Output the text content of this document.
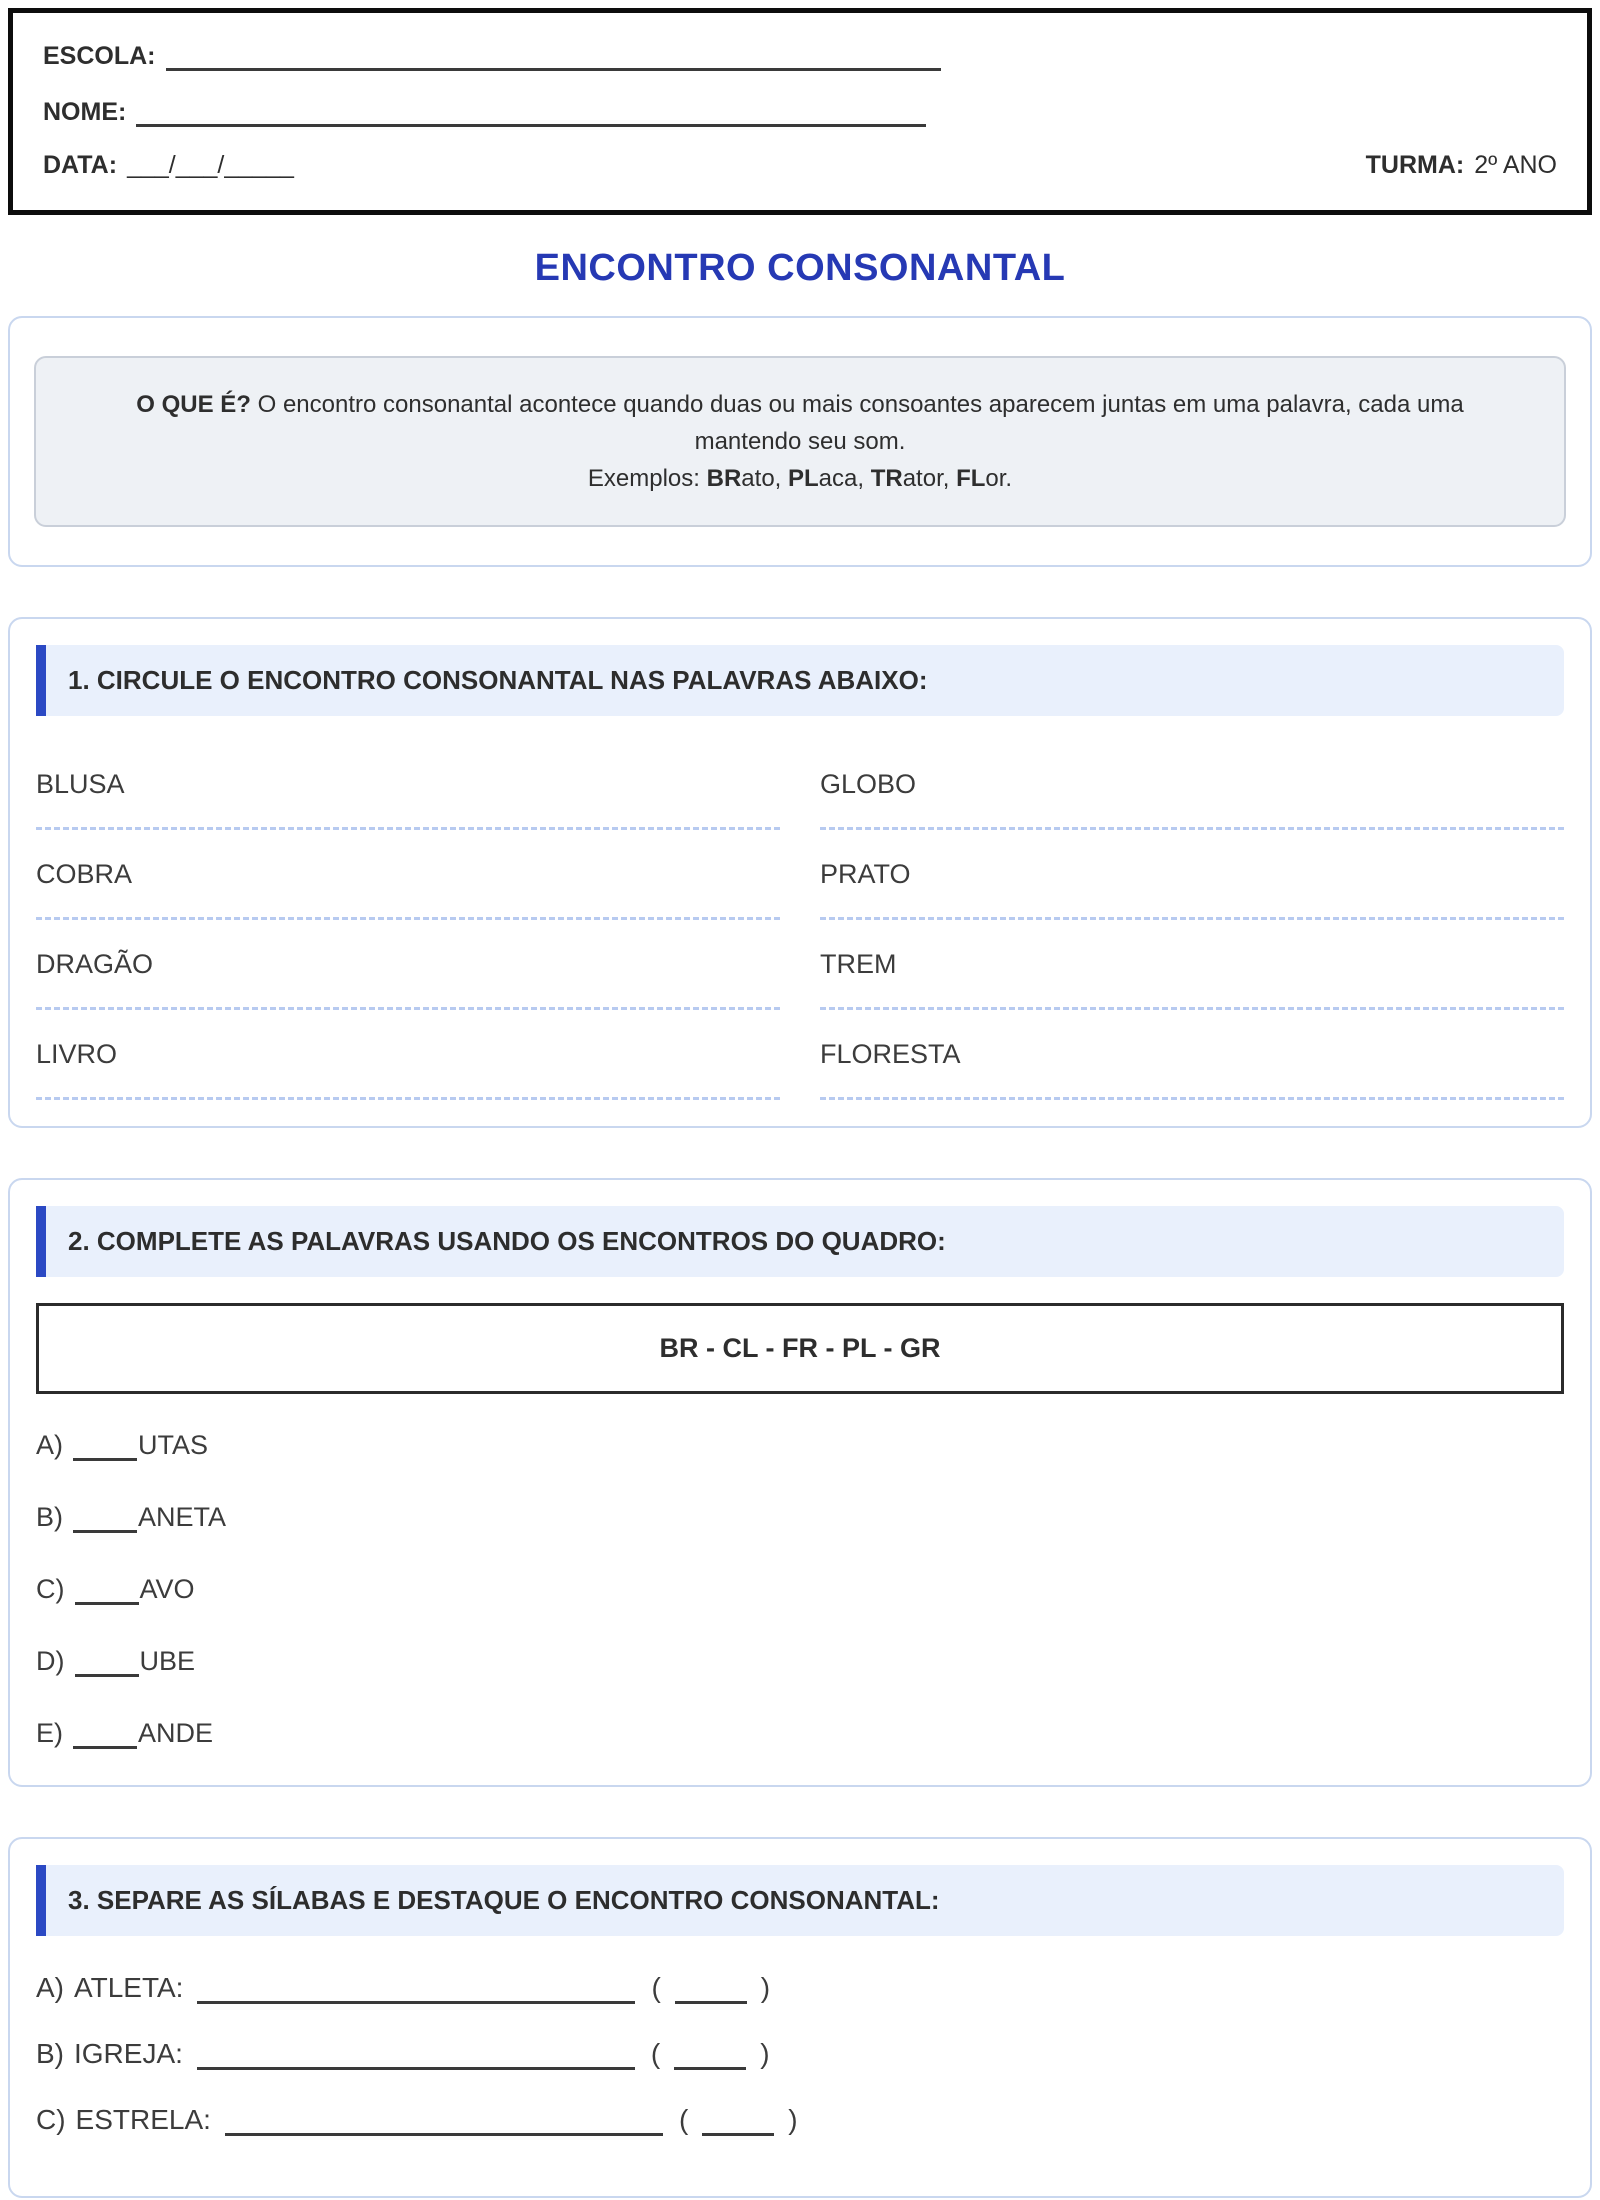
ESCOLA:
NOME:
DATA: ___/___/_____	TURMA: 2º ANO
ENCONTRO CONSONANTAL
O QUE É? O encontro consonantal acontece quando duas ou mais consoantes aparecem juntas em uma palavra, cada uma mantendo seu som.
Exemplos: BRato, PLaca, TRator, FLor.
1. CIRCULE O ENCONTRO CONSONANTAL NAS PALAVRAS ABAIXO:
BLUSA	GLOBO
COBRA	PRATO
DRAGÃO	TREM
LIVRO	FLORESTA
2. COMPLETE AS PALAVRAS USANDO OS ENCONTROS DO QUADRO:
BR - CL - FR - PL - GR
A)	UTAS
B)	ANETA
C)	AVO
D)	UBE
E)	ANDE
3. SEPARE AS SÍLABAS E DESTAQUE O ENCONTRO CONSONANTAL:
A) ATLETA:	(	)
B) IGREJA:	(	)
C) ESTRELA:	(	)
